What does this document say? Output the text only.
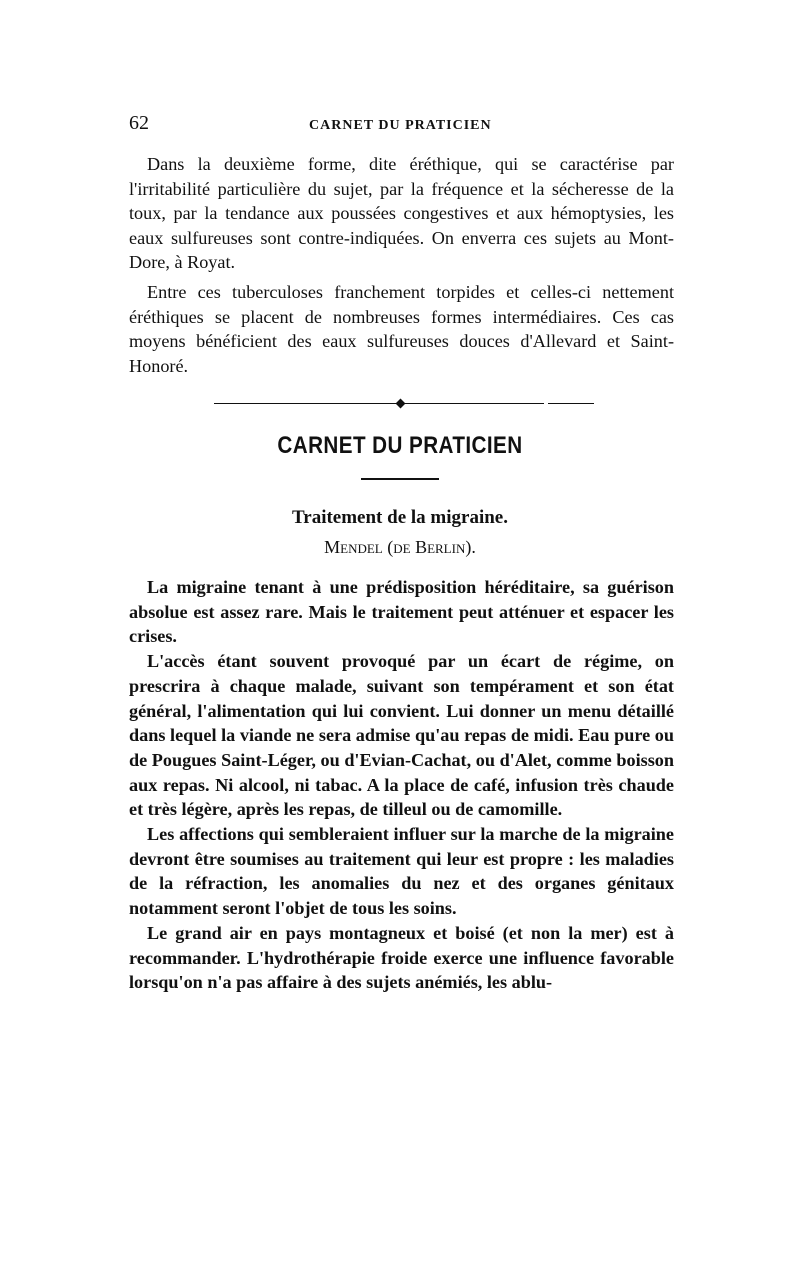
62	CARNET DU PRATICIEN

Dans la deuxième forme, dite éréthique, qui se caractérise par l'irritabilité particulière du sujet, par la fréquence et la sécheresse de la toux, par la tendance aux poussées congestives et aux hémoptysies, les eaux sulfureuses sont contre-indiquées. On enverra ces sujets au Mont-Dore, à Royat.

Entre ces tuberculoses franchement torpides et celles-ci nettement éréthiques se placent de nombreuses formes intermédiaires. Ces cas moyens bénéficient des eaux sulfureuses douces d'Allevard et Saint-Honoré.

CARNET DU PRATICIEN
Traitement de la migraine.
Mendel (de Berlin).

La migraine tenant à une prédisposition héréditaire, sa guérison absolue est assez rare. Mais le traitement peut atténuer et espacer les crises.

L'accès étant souvent provoqué par un écart de régime, on prescrira à chaque malade, suivant son tempérament et son état général, l'alimentation qui lui convient. Lui donner un menu détaillé dans lequel la viande ne sera admise qu'au repas de midi. Eau pure ou de Pougues Saint-Léger, ou d'Evian-Cachat, ou d'Alet, comme boisson aux repas. Ni alcool, ni tabac. A la place de café, infusion très chaude et très légère, après les repas, de tilleul ou de camomille.

Les affections qui sembleraient influer sur la marche de la migraine devront être soumises au traitement qui leur est propre : les maladies de la réfraction, les anomalies du nez et des organes génitaux notamment seront l'objet de tous les soins.

Le grand air en pays montagneux et boisé (et non la mer) est à recommander. L'hydrothérapie froide exerce une influence favorable lorsqu'on n'a pas affaire à des sujets anémiés, les ablu-
